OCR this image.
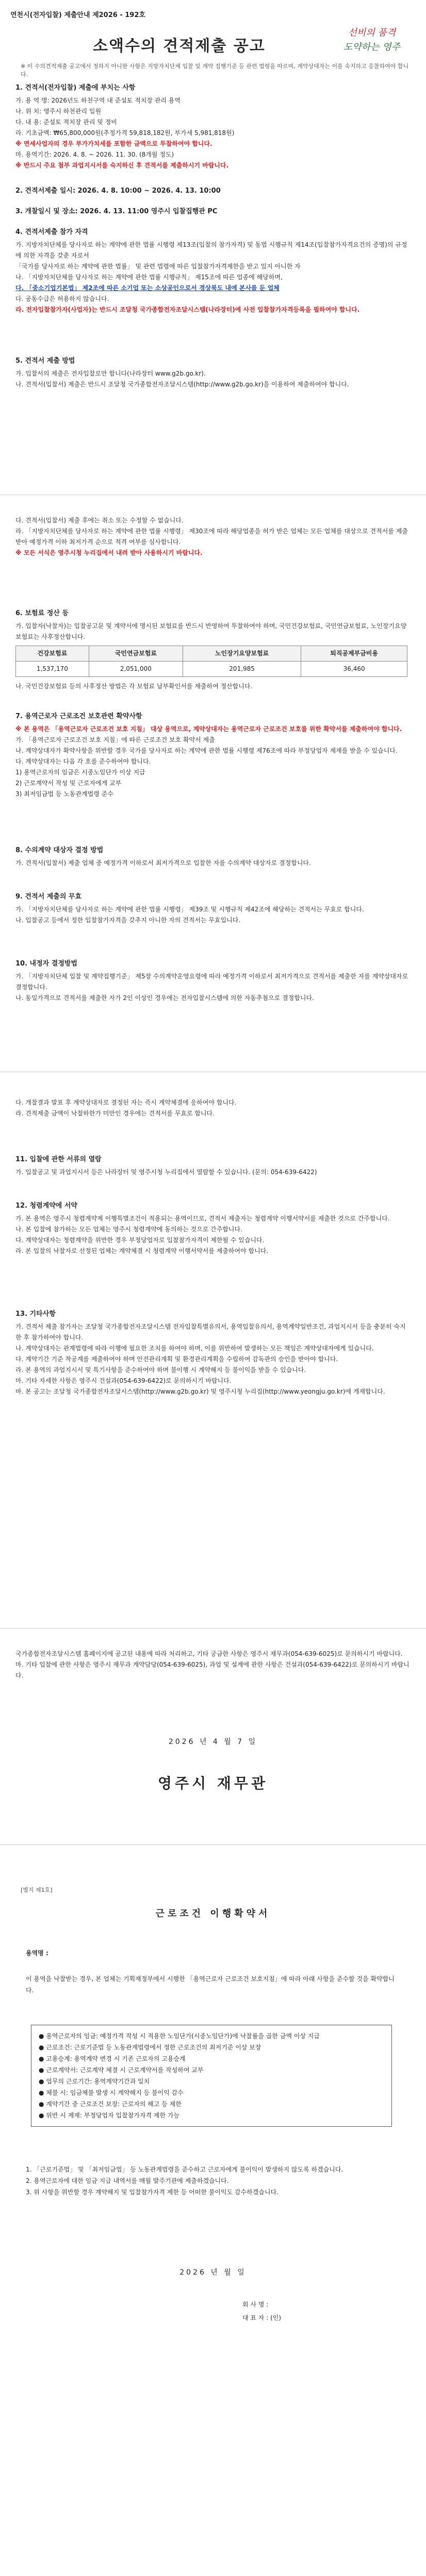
연천시(전자입찰) 제출안내 제2026 - 192호
소액수의 견적제출 공고
선비의 품격
도약하는 영주
※ 이 수의견적제출 공고에서 정하지 아니한 사항은 지방자치단체 입찰 및 계약 집행기준 등 관련 법령을 따르며, 계약상대자는 이를 숙지하고 응찰하여야 합니다.
1. 견적서(전자입찰) 제출에 부치는 사항
가. 용 역 명: 2026년도 하천구역 내 준설토 적치장 관리 용역
나. 위 치: 영주시 하천관리 일원
다. 내 용: 준설토 적치장 관리 및 정비
라. 기초금액: ₩65,800,000원(추정가격 59,818,182원, 부가세 5,981,818원)
※ 면세사업자의 경우 부가가치세를 포함한 금액으로 투찰하여야 합니다.
마. 용역기간: 2026. 4. 8. ~ 2026. 11. 30. (8개월 정도)
※ 반드시 주요 첨부 과업지시서를 숙지하신 후 견적서를 제출하시기 바랍니다.
2. 견적서제출 일시: 2026. 4. 8. 10:00 ~ 2026. 4. 13. 10:00
3. 개찰일시 및 장소: 2026. 4. 13. 11:00 영주시 입찰집행관 PC
4. 견적서제출 참가 자격
가. 지방자치단체를 당사자로 하는 계약에 관한 법률 시행령 제13조(입찰의 참가자격) 및 동법 시행규칙 제14조(입찰참가자격요건의 증명)의 규정에 의한 자격을 갖춘 자로서
「국가를 당사자로 하는 계약에 관한 법률」 및 관련 법령에 따른 입찰참가자격제한을 받고 있지 아니한 자
나. 「지방자치단체를 당사자로 하는 계약에 관한 법률 시행규칙」 제15조에 따른 업종에 해당하며,
다. 「중소기업기본법」 제2조에 따른 소기업 또는 소상공인으로서 경상북도 내에 본사를 둔 업체
다. 공동수급은 허용하지 않습니다.
라. 전자입찰참가자(사업자)는 반드시 조달청 국가종합전자조달시스템(나라장터)에 사전 입찰참가자격등록을 필하여야 합니다.
5. 견적서 제출 방법
가. 입찰서의 제출은 전자입찰로만 합니다(나라장터 www.g2b.go.kr).
나. 견적서(입찰서) 제출은 반드시 조달청 국가종합전자조달시스템(http://www.g2b.go.kr)을 이용하여 제출하여야 합니다.
다. 견적서(입찰서) 제출 후에는 취소 또는 수정할 수 없습니다.
라. 「지방자치단체를 당사자로 하는 계약에 관한 법률 시행령」 제30조에 따라 해당업종을 허가 받은 업체는 모든 업체를 대상으로 견적서를 제출받아 예정가격 이하 최저가격 순으로 적격 여부를 심사합니다.
※ 모든 서식은 영주시청 누리집에서 내려 받아 사용하시기 바랍니다.
6. 보험료 정산 등
가. 입찰자(낙찰자)는 입찰공고문 및 계약서에 명시된 보험료를 반드시 반영하여 투찰하여야 하며, 국민건강보험료, 국민연금보험료, 노인장기요양보험료는 사후정산합니다.
건강보험료	국민연금보험료	노인장기요양보험료	퇴직공제부금비용
1,537,170	2,051,000	201,985	36,460
나. 국민건강보험료 등의 사후정산 방법은 각 보험료 납부확인서를 제출하여 정산합니다.
7. 용역근로자 근로조건 보호관련 확약사항
※ 본 용역은 「용역근로자 근로조건 보호 지침」 대상 용역으로, 계약상대자는 용역근로자 근로조건 보호를 위한 확약서를 제출하여야 합니다.
가. 「용역근로자 근로조건 보호 지침」에 따른 근로조건 보호 확약서 제출
나. 계약상대자가 확약사항을 위반할 경우 국가를 당사자로 하는 계약에 관한 법률 시행령 제76조에 따라 부정당업자 제재를 받을 수 있습니다.
다. 계약상대자는 다음 각 호를 준수하여야 합니다.
1) 용역근로자의 임금은 시중노임단가 이상 지급
2) 근로계약서 작성 및 근로자에게 교부
3) 최저임금법 등 노동관계법령 준수
8. 수의계약 대상자 결정 방법
가. 견적서(입찰서) 제출 업체 중 예정가격 이하로서 최저가격으로 입찰한 자를 수의계약 대상자로 결정합니다.
9. 견적서 제출의 무효
가. 「지방자치단체를 당사자로 하는 계약에 관한 법률 시행령」 제39조 및 시행규칙 제42조에 해당하는 견적서는 무효로 합니다.
나. 입찰공고 등에서 정한 입찰참가자격을 갖추지 아니한 자의 견적서는 무효입니다.
10. 내정자 결정방법
가. 「지방자치단체 입찰 및 계약집행기준」 제5장 수의계약운영요령에 따라 예정가격 이하로서 최저가격으로 견적서를 제출한 자를 계약상대자로 결정합니다.
나. 동일가격으로 견적서를 제출한 자가 2인 이상인 경우에는 전자입찰시스템에 의한 자동추첨으로 결정합니다.
다. 개찰결과 발표 후 계약상대자로 결정된 자는 즉시 계약체결에 응하여야 합니다.
라. 견적제출 금액이 낙찰하한가 미만인 경우에는 견적서를 무효로 합니다.
11. 입찰에 관한 서류의 열람
가. 입찰공고 및 과업지시서 등은 나라장터 및 영주시청 누리집에서 열람할 수 있습니다. (문의: 054-639-6422)
12. 청렴계약에 서약
가. 본 용역은 영주시 청렴계약제 이행특별조건이 적용되는 용역이므로, 견적서 제출자는 청렴계약 이행서약서를 제출한 것으로 간주합니다.
나. 본 입찰에 참가하는 모든 업체는 영주시 청렴계약에 동의하는 것으로 간주합니다.
다. 계약상대자는 청렴계약을 위반한 경우 부정당업자로 입찰참가자격이 제한될 수 있습니다.
라. 본 입찰의 낙찰자로 선정된 업체는 계약체결 시 청렴계약 이행서약서를 제출하여야 합니다.
13. 기타사항
가. 견적서 제출 참가자는 조달청 국가종합전자조달시스템 전자입찰특별유의서, 용역입찰유의서, 용역계약일반조건, 과업지시서 등을 충분히 숙지한 후 참가하여야 합니다.
나. 계약상대자는 관계법령에 따라 이행에 필요한 조치를 하여야 하며, 이를 위반하여 발생하는 모든 책임은 계약상대자에게 있습니다.
다. 계약기간 기준 착공계를 제출하여야 하며 안전관리계획 및 환경관리계획을 수립하여 감독관의 승인을 받아야 합니다.
라. 본 용역의 과업지시서 및 특기사항을 준수하여야 하며 불이행 시 계약해지 등 불이익을 받을 수 있습니다.
마. 기타 자세한 사항은 영주시 건설과(054-639-6422)로 문의하시기 바랍니다.
바. 본 공고는 조달청 국가종합전자조달시스템(http://www.g2b.go.kr) 및 영주시청 누리집(http://www.yeongju.go.kr)에 게재합니다.
국가종합전자조달시스템 홈페이지에 공고된 내용에 따라 처리하고, 기타 궁금한 사항은 영주시 재무과(054-639-6025)로 문의하시기 바랍니다.
마. 기타 입찰에 관한 사항은 영주시 재무과 계약담당(054-639-6025), 과업 및 설계에 관한 사항은 건설과(054-639-6422)로 문의하시기 바랍니다.
2026 년 4 월 7 일
영주시 재무관
[별지 제1호]
근로조건 이행확약서
용역명 :
이 용역을 낙찰받는 경우, 본 업체는 기획재정부에서 시행한 「용역근로자 근로조건 보호지침」에 따라 아래 사항을 준수할 것을 확약합니다.
● 용역근로자의 임금: 예정가격 작성 시 적용한 노임단가(시중노임단가)에 낙찰률을 곱한 금액 이상 지급
● 근로조건: 근로기준법 등 노동관계법령에서 정한 근로조건의 최저기준 이상 보장
● 고용승계: 용역계약 변경 시 기존 근로자의 고용승계
● 근로계약서: 근로계약 체결 시 근로계약서를 작성하여 교부
● 업무의 근로기간: 용역계약기간과 일치
● 체불 시: 임금체불 발생 시 계약해지 등 불이익 감수
● 계약기간 중 근로조건 보장: 근로자의 해고 등 제한
● 위반 시 제재: 부정당업자 입찰참가자격 제한 가능
1. 「근로기준법」 및 「최저임금법」 등 노동관계법령을 준수하고 근로자에게 불이익이 발생하지 않도록 하겠습니다.
2. 용역근로자에 대한 임금 지급 내역서를 매월 발주기관에 제출하겠습니다.
3. 위 사항을 위반할 경우 계약해지 및 입찰참가자격 제한 등 어떠한 불이익도 감수하겠습니다.
2026 년 월 일
회 사 명 :
대 표 자 : (인)
